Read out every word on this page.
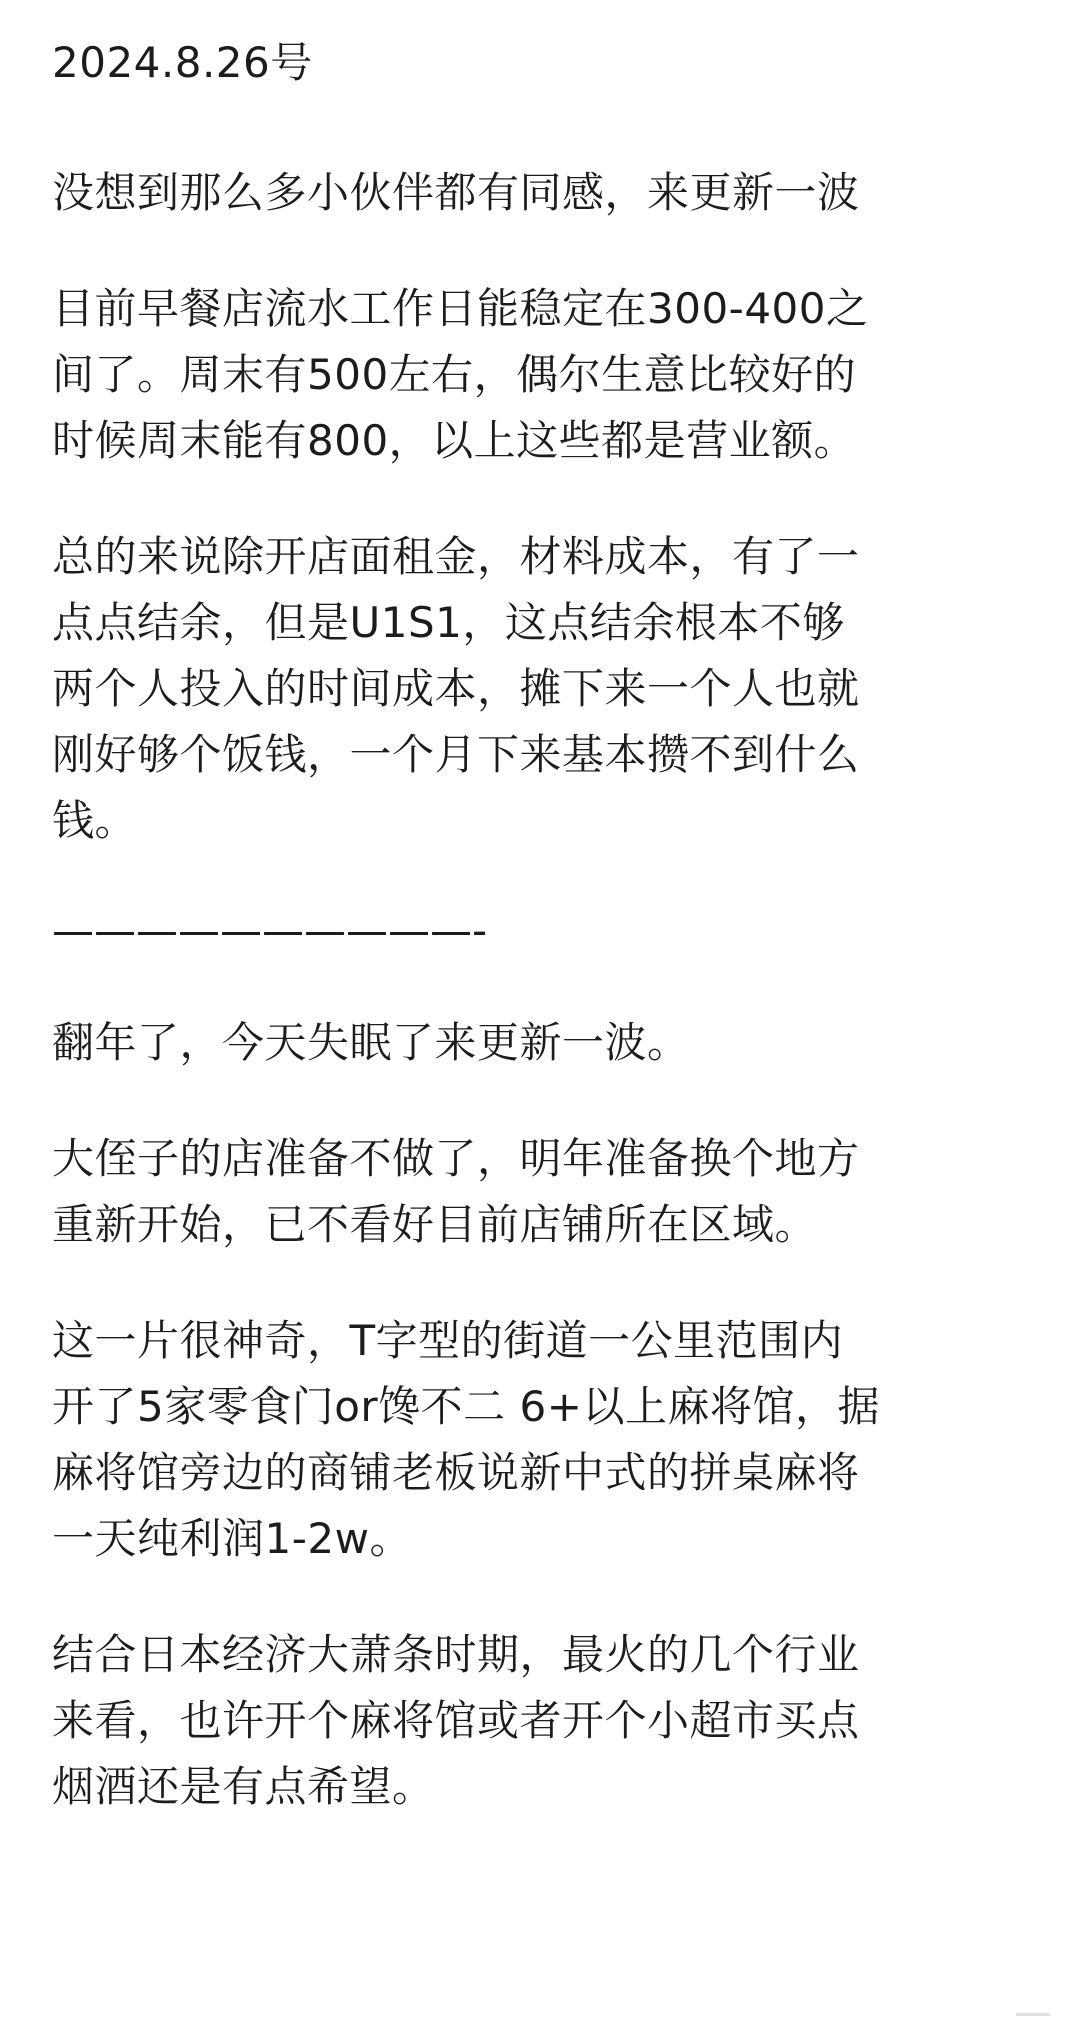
2024.8.26号

没想到那么多小伙伴都有同感，来更新一波

目前早餐店流水工作日能稳定在300-400之
间了。周末有500左右，偶尔生意比较好的
时候周末能有800，以上这些都是营业额。

总的来说除开店面租金，材料成本，有了一
点点结余，但是U1S1，这点结余根本不够
两个人投入的时间成本，摊下来一个人也就
刚好够个饭钱，一个月下来基本攒不到什么
钱。

——————————-

翻年了，今天失眠了来更新一波。

大侄子的店准备不做了，明年准备换个地方
重新开始，已不看好目前店铺所在区域。

这一片很神奇，T字型的街道一公里范围内
开了5家零食门or馋不二 6+以上麻将馆，据
麻将馆旁边的商铺老板说新中式的拼桌麻将
一天纯利润1-2w。

结合日本经济大萧条时期，最火的几个行业
来看，也许开个麻将馆或者开个小超市买点
烟酒还是有点希望。
